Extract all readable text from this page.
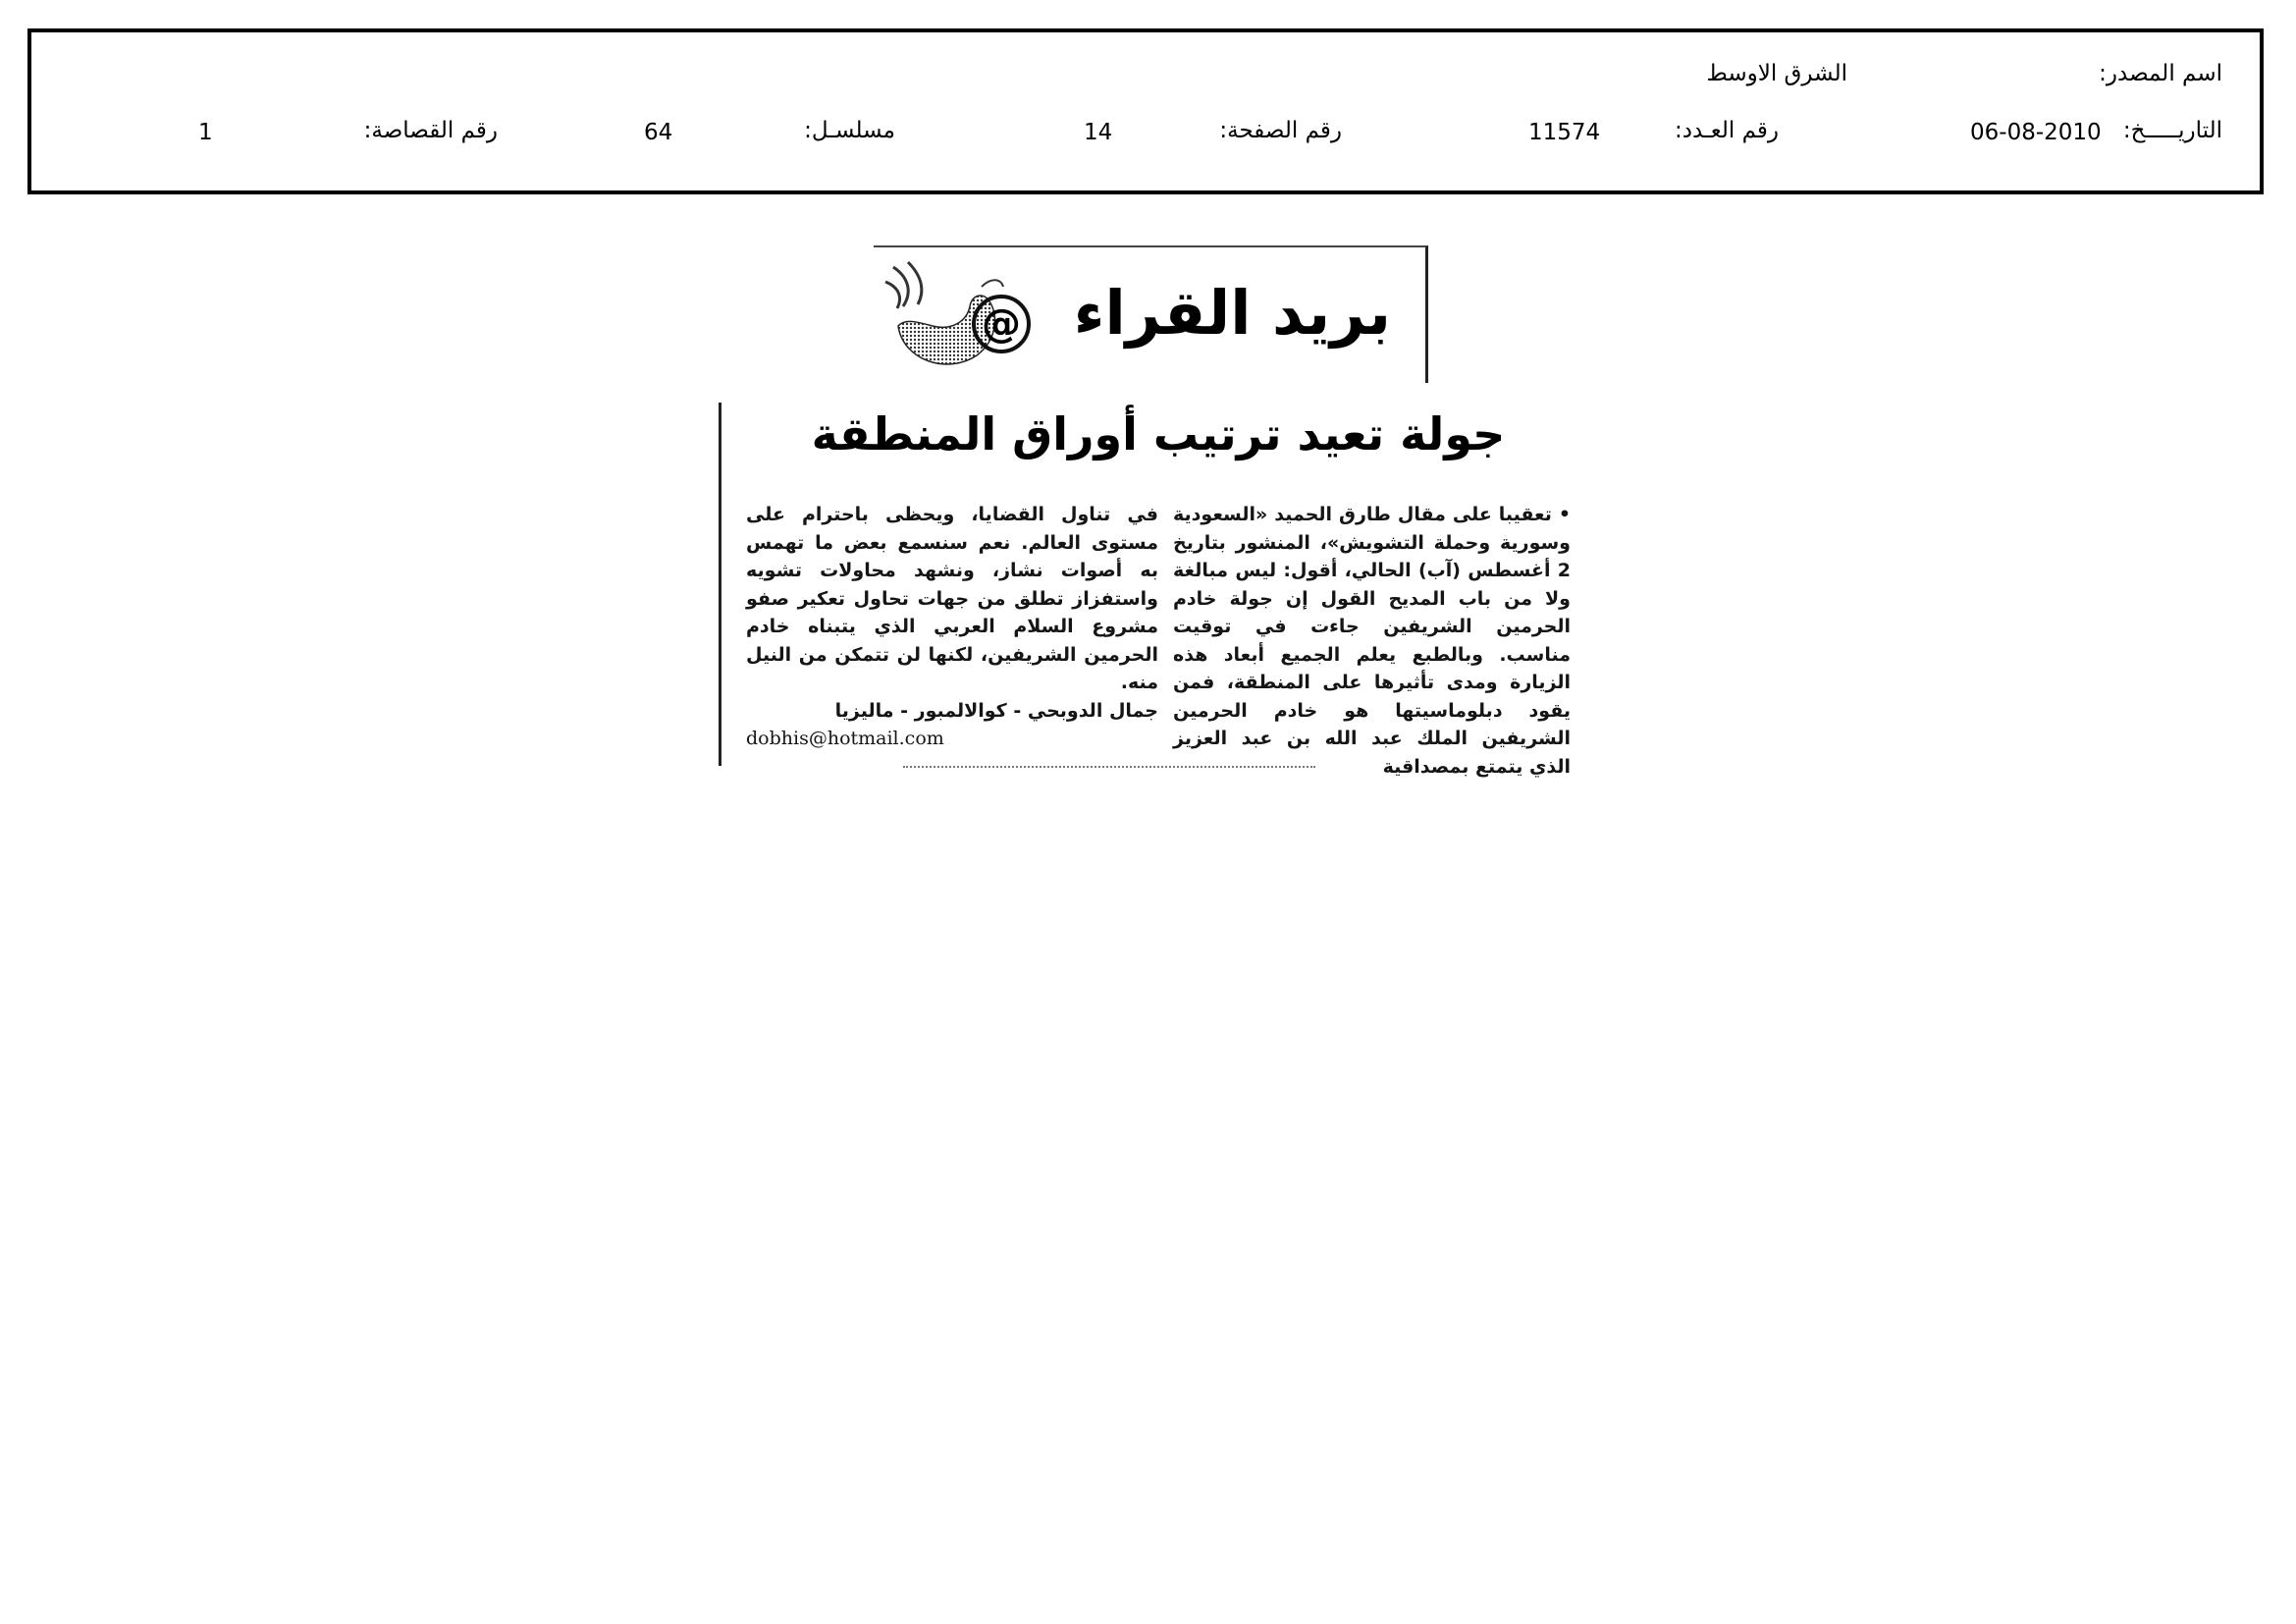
اسم المصدر:
الشرق الاوسط
التاريـــــخ:
06-08-2010
رقم العـدد:
11574
رقم الصفحة:
14
مسلسـل:
64
رقم القصاصة:
1
@ بريد القراء
جولة تعيد ترتيب أوراق المنطقة
• تعقيبا على مقال طارق الحميد «السعودية وسورية وحملة التشويش»، المنشور بتاريخ 2 أغسطس (آب) الحالي، أقول: ليس مبالغة ولا من باب المديح القول إن جولة خادم الحرمين الشريفين جاءت في توقيت مناسب. وبالطبع يعلم الجميع أبعاد هذه الزيارة ومدى تأثيرها على المنطقة، فمن يقود دبلوماسيتها هو خادم الحرمين الشريفين الملك عبد الله بن عبد العزيز الذي يتمتع بمصداقية
في تناول القضايا، ويحظى باحترام على مستوى العالم. نعم سنسمع بعض ما تهمس به أصوات نشاز، ونشهد محاولات تشويه واستفزاز تطلق من جهات تحاول تعكير صفو مشروع السلام العربي الذي يتبناه خادم الحرمين الشريفين، لكنها لن تتمكن من النيل منه.
جمال الدوبحي - كوالالمبور - ماليزيا
dobhis@hotmail.com
